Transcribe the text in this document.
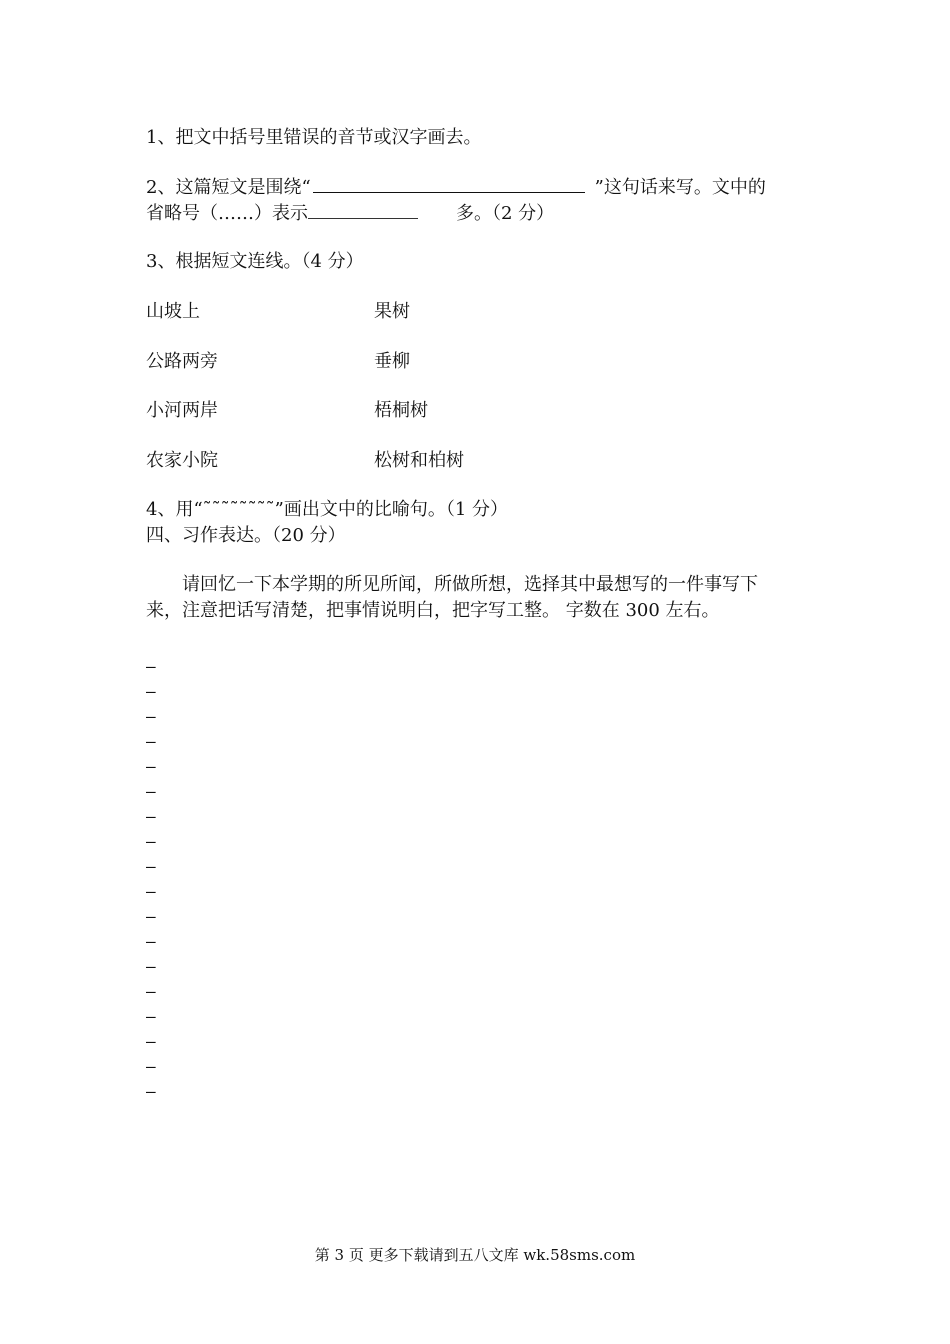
1、把文中括号里错误的音节或汉字画去。
2、这篇短文是围绕“	”这句话来写。文中的
省略号（……）表示	多。（2 分）
3、根据短文连线。（4 分）
山坡上	果树
公路两旁	垂柳
小河两岸	梧桐树
农家小院	松树和柏树
4、用“˜˜˜˜˜˜˜˜”画出文中的比喻句。（1 分）
四、习作表达。（20 分）
请回忆一下本学期的所见所闻，所做所想，选择其中最想写的一件事写下
来，注意把话写清楚，把事情说明白，把字写工整。 字数在 300 左右。
–
–
–
–
–
–
–
–
–
–
–
–
–
–
–
–
–
–
第 3 页 更多下载请到五八文库 wk.58sms.com
